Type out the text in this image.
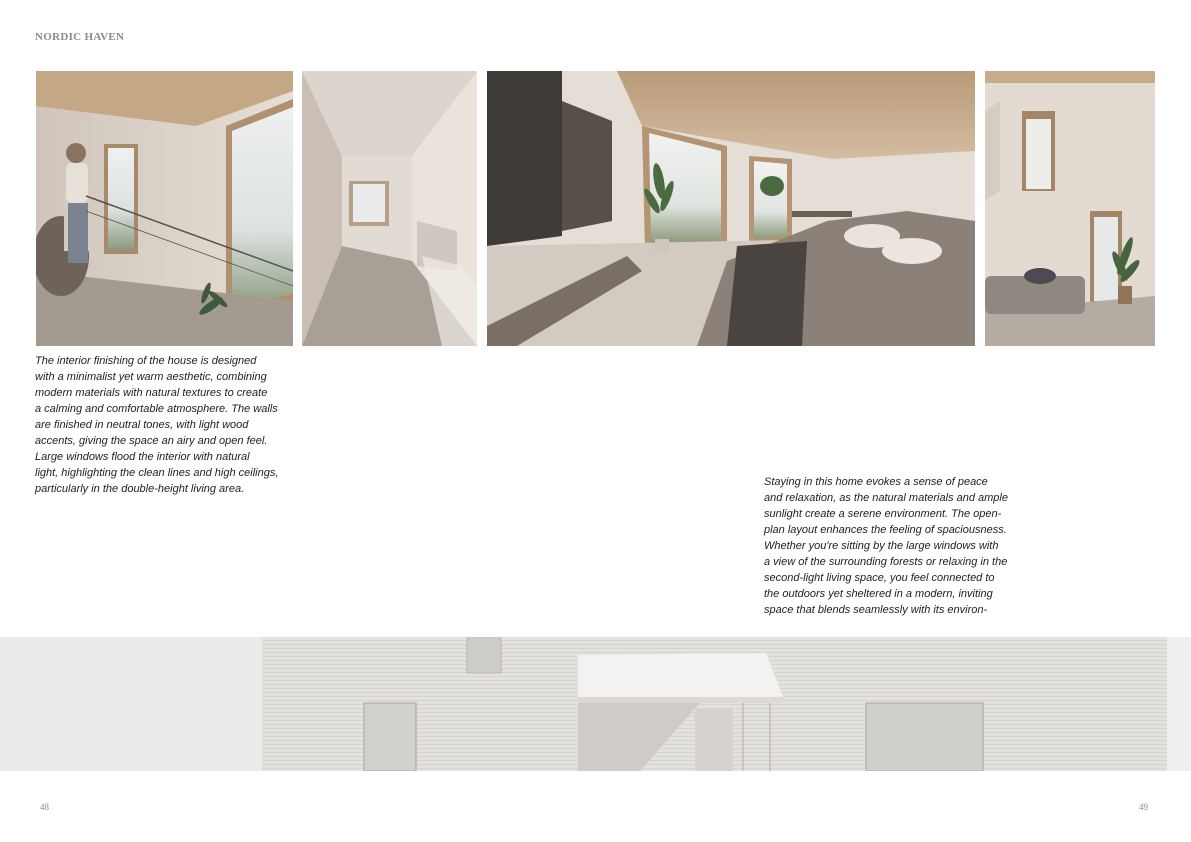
NORDIC HAVEN

The interior finishing of the house is designed
with a minimalist yet warm aesthetic, combining
modern materials with natural textures to create
a calming and comfortable atmosphere. The walls
are finished in neutral tones, with light wood
accents, giving the space an airy and open feel.
Large windows flood the interior with natural
light, highlighting the clean lines and high ceilings,
particularly in the double-height living area.

Staying in this home evokes a sense of peace
and relaxation, as the natural materials and ample
sunlight create a serene environment. The open-
plan layout enhances the feeling of spaciousness.
Whether you're sitting by the large windows with
a view of the surrounding forests or relaxing in the
second-light living space, you feel connected to
the outdoors yet sheltered in a modern, inviting
space that blends seamlessly with its environ-

48	49
